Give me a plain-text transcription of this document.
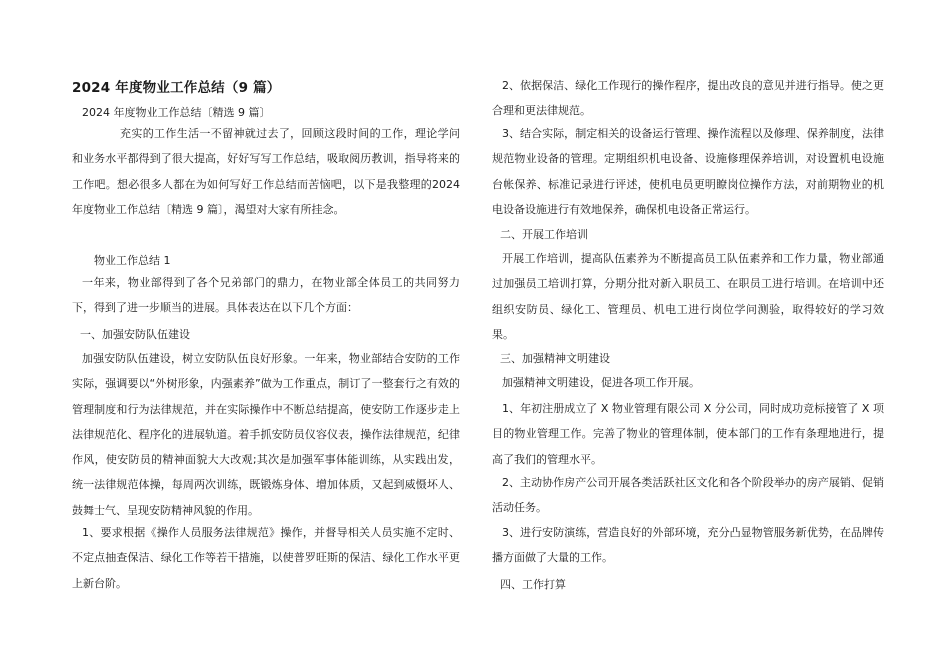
2024 年度物业工作总结（9 篇）
2024 年度物业工作总结〔精选 9 篇〕
充实的工作生活一不留神就过去了，回顾这段时间的工作，理论学问和业务水平都得到了很大提高，好好写写工作总结，吸取阅历教训，指导将来的工作吧。想必很多人都在为如何写好工作总结而苦恼吧，以下是我整理的2024 年度物业工作总结〔精选 9 篇〕，渴望对大家有所挂念。
物业工作总结 1
一年来，物业部得到了各个兄弟部门的鼎力，在物业部全体员工的共同努力下，得到了进一步顺当的进展。具体表达在以下几个方面：
一、加强安防队伍建设
加强安防队伍建设，树立安防队伍良好形象。一年来，物业部结合安防的工作实际，强调要以“外树形象，内强素养”做为工作重点，制订了一整套行之有效的管理制度和行为法律规范，并在实际操作中不断总结提高，使安防工作逐步走上法律规范化、程序化的进展轨道。着手抓安防员仪容仪表，操作法律规范，纪律作风，使安防员的精神面貌大大改观;其次是加强军事体能训练，从实践出发，统一法律规范体操，每周两次训练，既锻炼身体、增加体质，又起到威慑坏人、鼓舞士气、呈现安防精神风貌的作用。
1、要求根据《操作人员服务法律规范》操作，并督导相关人员实施不定时、不定点抽查保洁、绿化工作等若干措施，以使普罗旺斯的保洁、绿化工作水平更上新台阶。
2、依据保洁、绿化工作现行的操作程序，提出改良的意见并进行指导。使之更合理和更法律规范。
3、结合实际，制定相关的设备运行管理、操作流程以及修理、保养制度，法律规范物业设备的管理。定期组织机电设备、设施修理保养培训，对设置机电设施台帐保养、标准记录进行评述，使机电员更明瞭岗位操作方法，对前期物业的机电设备设施进行有效地保养，确保机电设备正常运行。
二、开展工作培训
开展工作培训，提高队伍素养为不断提高员工队伍素养和工作力量，物业部通过加强员工培训打算，分期分批对新入职员工、在职员工进行培训。在培训中还组织安防员、绿化工、管理员、机电工进行岗位学问测验，取得较好的学习效果。
三、加强精神文明建设
加强精神文明建设，促进各项工作开展。
1、年初注册成立了 X 物业管理有限公司 X 分公司，同时成功竞标接管了 X 项目的物业管理工作。完善了物业的管理体制，使本部门的工作有条理地进行，提高了我们的管理水平。
2、主动协作房产公司开展各类活跃社区文化和各个阶段举办的房产展销、促销活动任务。
3、进行安防演练，营造良好的外部环境，充分凸显物管服务新优势，在品牌传播方面做了大量的工作。
四、工作打算
